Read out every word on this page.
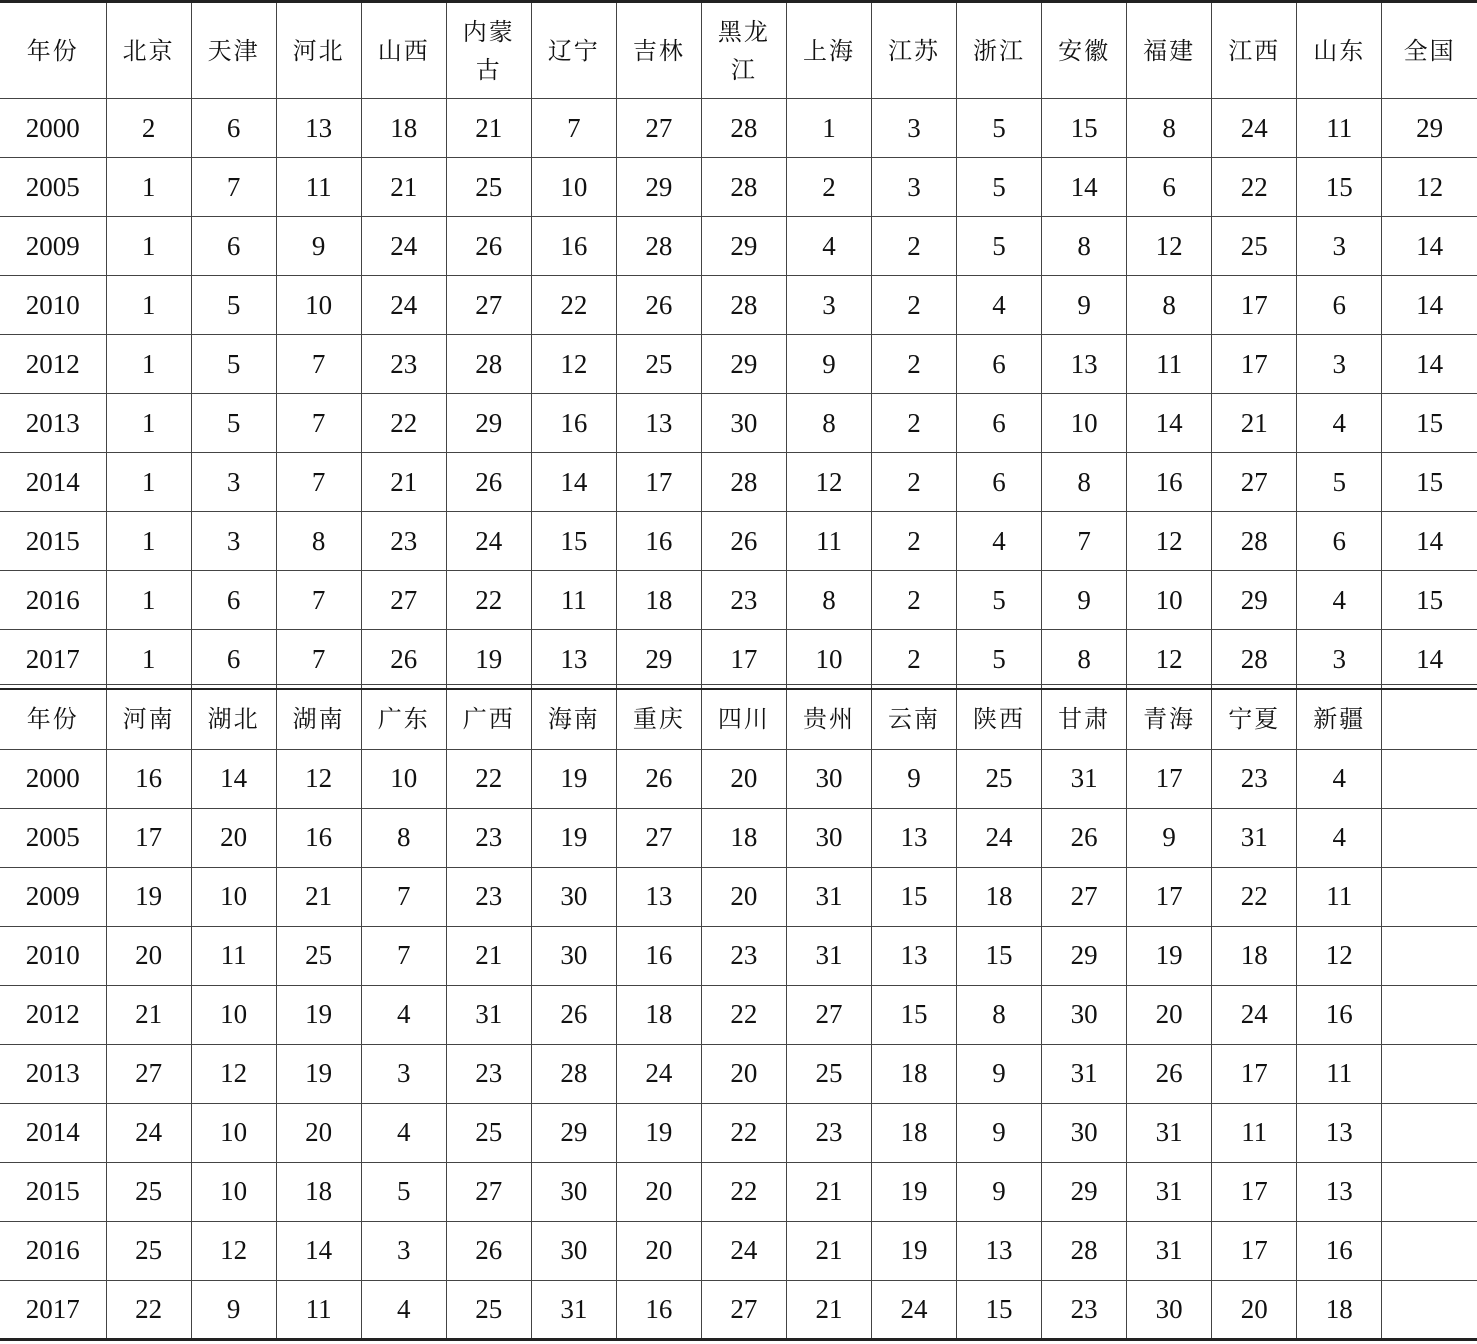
年份	北京	天津	河北	山西	内蒙古	辽宁	吉林	黑龙江	上海	江苏	浙江	安徽	福建	江西	山东	全国
2000	2	6	13	18	21	7	27	28	1	3	5	15	8	24	11	29
2005	1	7	11	21	25	10	29	28	2	3	5	14	6	22	15	12
2009	1	6	9	24	26	16	28	29	4	2	5	8	12	25	3	14
2010	1	5	10	24	27	22	26	28	3	2	4	9	8	17	6	14
2012	1	5	7	23	28	12	25	29	9	2	6	13	11	17	3	14
2013	1	5	7	22	29	16	13	30	8	2	6	10	14	21	4	15
2014	1	3	7	21	26	14	17	28	12	2	6	8	16	27	5	15
2015	1	3	8	23	24	15	16	26	11	2	4	7	12	28	6	14
2016	1	6	7	27	22	11	18	23	8	2	5	9	10	29	4	15
2017	1	6	7	26	19	13	29	17	10	2	5	8	12	28	3	14
年份	河南	湖北	湖南	广东	广西	海南	重庆	四川	贵州	云南	陕西	甘肃	青海	宁夏	新疆	
2000	16	14	12	10	22	19	26	20	30	9	25	31	17	23	4	
2005	17	20	16	8	23	19	27	18	30	13	24	26	9	31	4	
2009	19	10	21	7	23	30	13	20	31	15	18	27	17	22	11	
2010	20	11	25	7	21	30	16	23	31	13	15	29	19	18	12	
2012	21	10	19	4	31	26	18	22	27	15	8	30	20	24	16	
2013	27	12	19	3	23	28	24	20	25	18	9	31	26	17	11	
2014	24	10	20	4	25	29	19	22	23	18	9	30	31	11	13	
2015	25	10	18	5	27	30	20	22	21	19	9	29	31	17	13	
2016	25	12	14	3	26	30	20	24	21	19	13	28	31	17	16	
2017	22	9	11	4	25	31	16	27	21	24	15	23	30	20	18	
